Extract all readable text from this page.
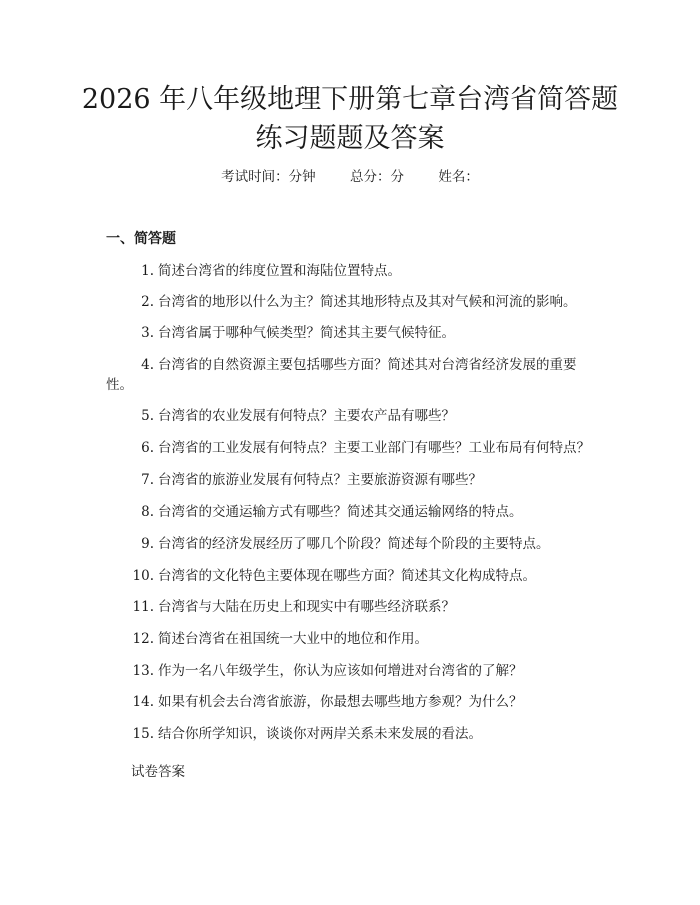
2026 年八年级地理下册第七章台湾省简答题
练习题题及答案
考试时间：分钟	总分：分	姓名：
一、简答题
1. 简述台湾省的纬度位置和海陆位置特点。
2. 台湾省的地形以什么为主？简述其地形特点及其对气候和河流的影响。
3. 台湾省属于哪种气候类型？简述其主要气候特征。
4. 台湾省的自然资源主要包括哪些方面？简述其对台湾省经济发展的重要性。
5. 台湾省的农业发展有何特点？主要农产品有哪些？
6. 台湾省的工业发展有何特点？主要工业部门有哪些？工业布局有何特点？
7. 台湾省的旅游业发展有何特点？主要旅游资源有哪些？
8. 台湾省的交通运输方式有哪些？简述其交通运输网络的特点。
9. 台湾省的经济发展经历了哪几个阶段？简述每个阶段的主要特点。
10. 台湾省的文化特色主要体现在哪些方面？简述其文化构成特点。
11. 台湾省与大陆在历史上和现实中有哪些经济联系？
12. 简述台湾省在祖国统一大业中的地位和作用。
13. 作为一名八年级学生，你认为应该如何增进对台湾省的了解？
14. 如果有机会去台湾省旅游，你最想去哪些地方参观？为什么？
15. 结合你所学知识，谈谈你对两岸关系未来发展的看法。
试卷答案
